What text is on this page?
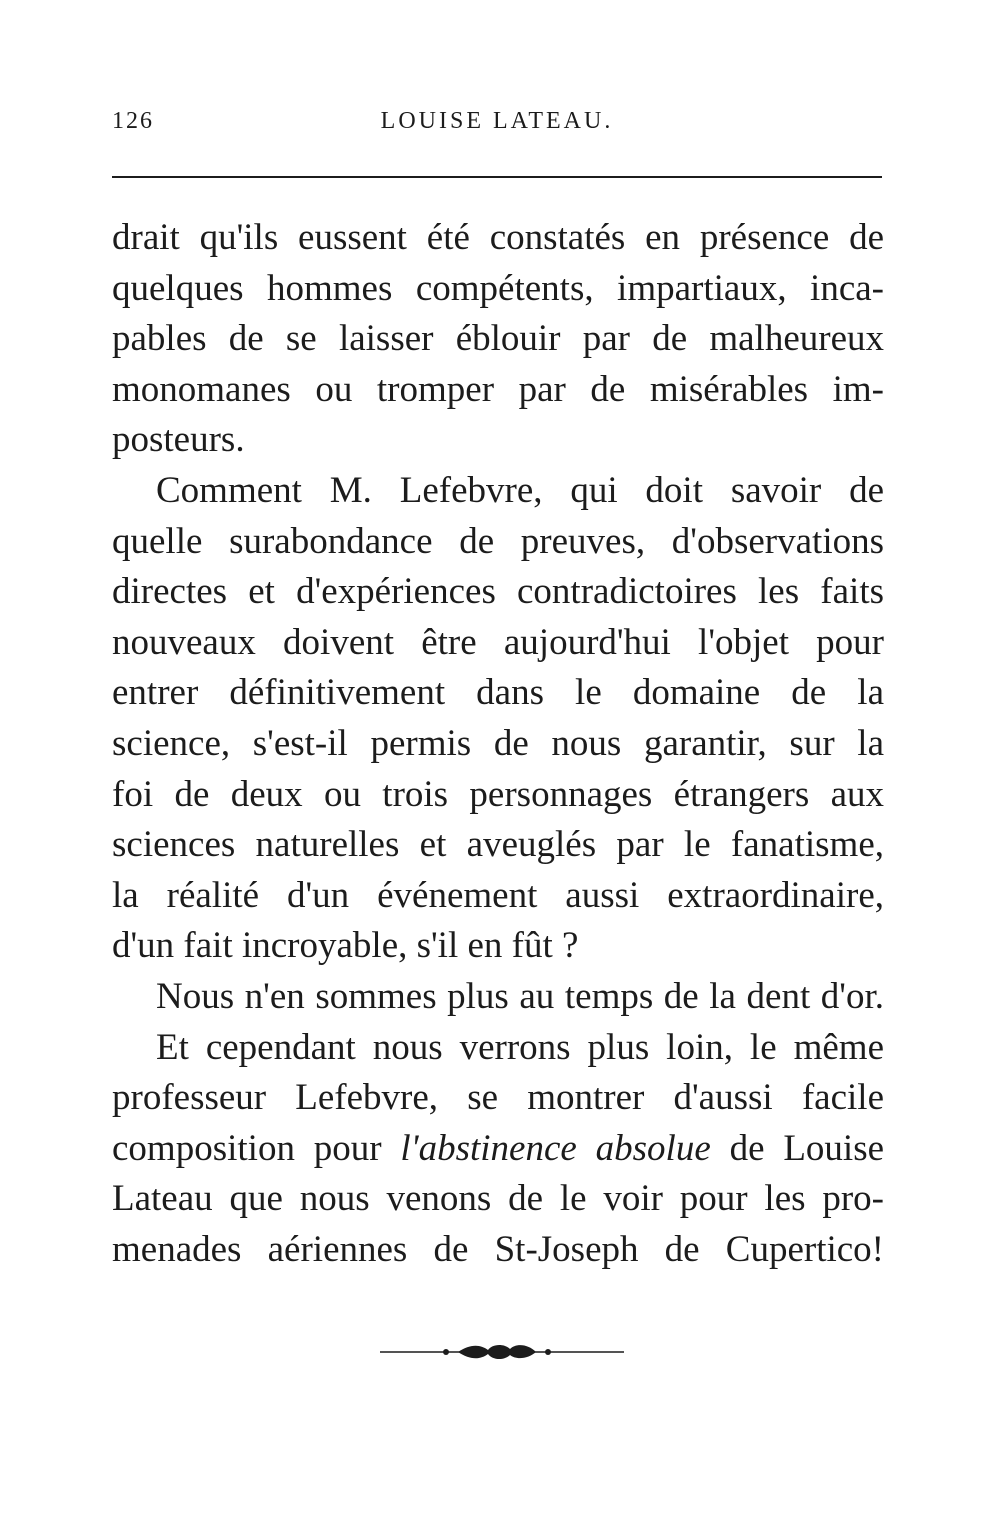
126	LOUISE LATEAU.
drait qu'ils eussent été constatés en présence de
quelques hommes compétents, impartiaux, inca-
pables de se laisser éblouir par de malheureux
monomanes ou tromper par de misérables im-
posteurs.
Comment M. Lefebvre, qui doit savoir de
quelle surabondance de preuves, d'observations
directes et d'expériences contradictoires les faits
nouveaux doivent être aujourd'hui l'objet pour
entrer définitivement dans le domaine de la
science, s'est-il permis de nous garantir, sur la
foi de deux ou trois personnages étrangers aux
sciences naturelles et aveuglés par le fanatisme,
la réalité d'un événement aussi extraordinaire,
d'un fait incroyable, s'il en fût ?
Nous n'en sommes plus au temps de la dent d'or.
Et cependant nous verrons plus loin, le même
professeur Lefebvre, se montrer d'aussi facile
composition pour l'abstinence absolue de Louise
Lateau que nous venons de le voir pour les pro-
menades aériennes de St-Joseph de Cupertico!
